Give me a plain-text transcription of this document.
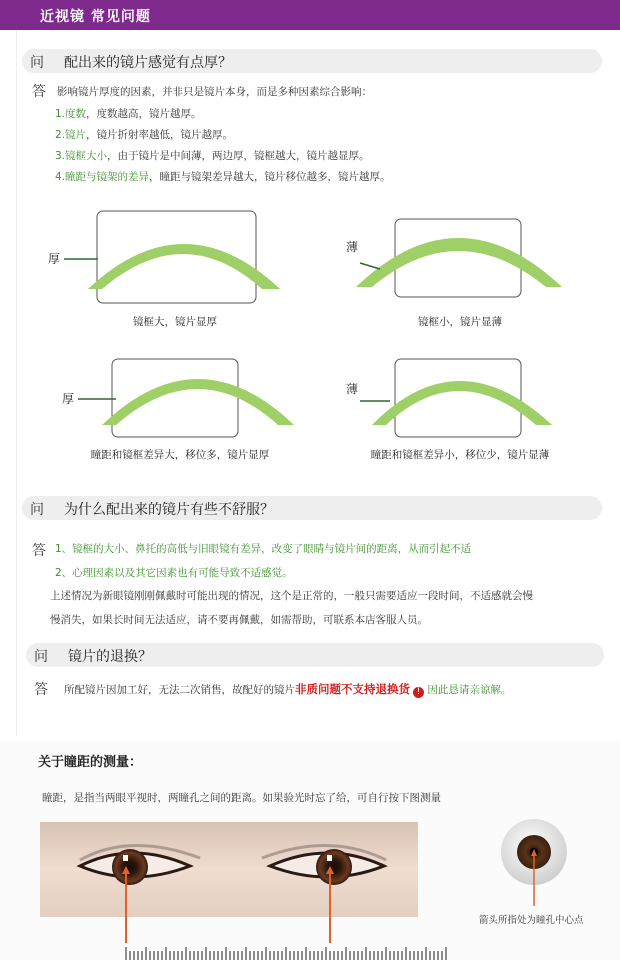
近视镜 常见问题
问 配出来的镜片感觉有点厚？
答 影响镜片厚度的因素，并非只是镜片本身，而是多种因素综合影响：
1.度数，度数越高，镜片越厚。
2.镜片，镜片折射率越低，镜片越厚。
3.镜框大小，由于镜片是中间薄，两边厚，镜框越大，镜片越显厚。
4.瞳距与镜架的差异，瞳距与镜架差异越大，镜片移位越多，镜片越厚。
厚
镜框大，镜片显厚
薄
镜框小，镜片显薄
厚
瞳距和镜框差异大，移位多，镜片显厚
薄
瞳距和镜框差异小，移位少，镜片显薄
问 为什么配出来的镜片有些不舒服？
答 1、镜框的大小、鼻托的高低与旧眼镜有差异，改变了眼睛与镜片间的距离，从而引起不适
2、心理因素以及其它因素也有可能导致不适感觉。
上述情况为新眼镜刚刚佩戴时可能出现的情况，这个是正常的，一般只需要适应一段时间，不适感就会慢
慢消失，如果长时间无法适应，请不要再佩戴，如需帮助，可联系本店客服人员。
问 镜片的退换？
答 所配镜片因加工好，无法二次销售，故配好的镜片非质问题不支持退换货 ! 因此恳请亲谅解。
关于瞳距的测量：
瞳距，是指当两眼平视时，两瞳孔之间的距离。如果验光时忘了给，可自行按下图测量
箭头所指处为瞳孔中心点
